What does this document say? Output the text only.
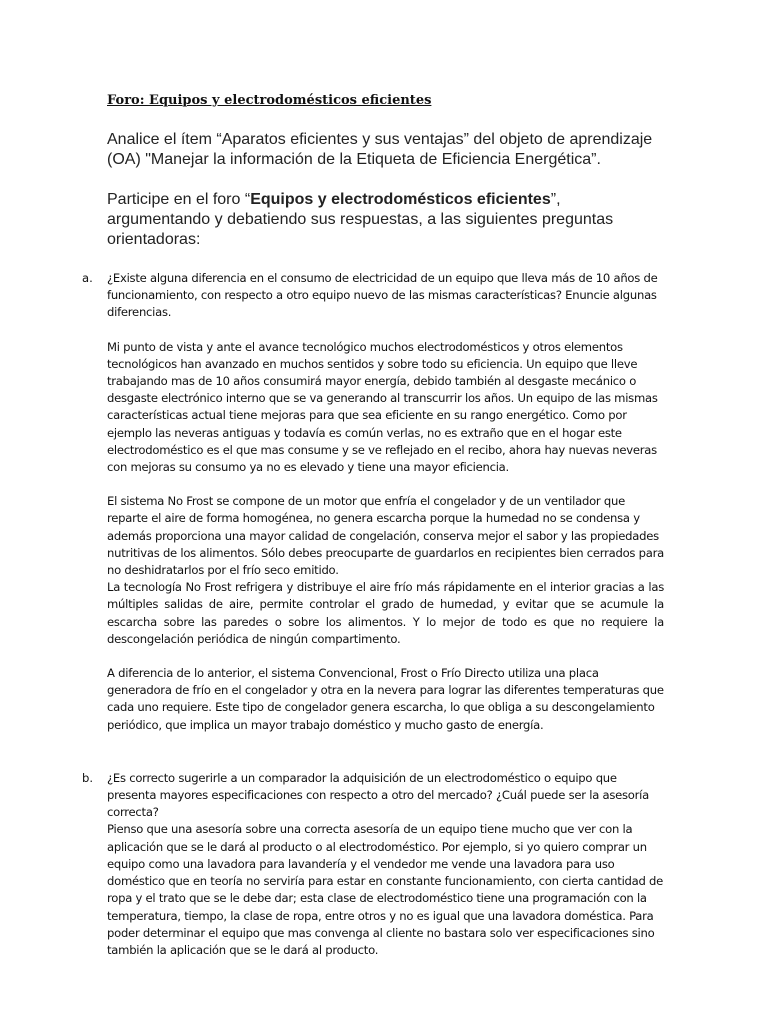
Foro: Equipos y electrodomésticos eficientes

Analice el ítem “Aparatos eficientes y sus ventajas” del objeto de aprendizaje (OA) "Manejar la información de la Etiqueta de Eficiencia Energética”.

Participe en el foro “Equipos y electrodomésticos eficientes”, argumentando y debatiendo sus respuestas, a las siguientes preguntas orientadoras:

a. ¿Existe alguna diferencia en el consumo de electricidad de un equipo que lleva más de 10 años de funcionamiento, con respecto a otro equipo nuevo de las mismas características? Enuncie algunas diferencias.

Mi punto de vista y ante el avance tecnológico muchos electrodomésticos y otros elementos tecnológicos han avanzado en muchos sentidos y sobre todo su eficiencia. Un equipo que lleve trabajando mas de 10 años consumirá mayor energía, debido también al desgaste mecánico o desgaste electrónico interno que se va generando al transcurrir los años. Un equipo de las mismas características actual tiene mejoras para que sea eficiente en su rango energético. Como por ejemplo las neveras antiguas y todavía es común verlas, no es extraño que en el hogar este electrodoméstico es el que mas consume y se ve reflejado en el recibo, ahora hay nuevas neveras con mejoras su consumo ya no es elevado y tiene una mayor eficiencia.

El sistema No Frost se compone de un motor que enfría el congelador y de un ventilador que reparte el aire de forma homogénea, no genera escarcha porque la humedad no se condensa y además proporciona una mayor calidad de congelación, conserva mejor el sabor y las propiedades nutritivas de los alimentos. Sólo debes preocuparte de guardarlos en recipientes bien cerrados para no deshidratarlos por el frío seco emitido.

La tecnología No Frost refrigera y distribuye el aire frío más rápidamente en el interior gracias a las múltiples salidas de aire, permite controlar el grado de humedad, y evitar que se acumule la escarcha sobre las paredes o sobre los alimentos. Y lo mejor de todo es que no requiere la descongelación periódica de ningún compartimento.

A diferencia de lo anterior, el sistema Convencional, Frost o Frío Directo utiliza una placa generadora de frío en el congelador y otra en la nevera para lograr las diferentes temperaturas que cada uno requiere. Este tipo de congelador genera escarcha, lo que obliga a su descongelamiento periódico, que implica un mayor trabajo doméstico y mucho gasto de energía.

b. ¿Es correcto sugerirle a un comparador la adquisición de un electrodoméstico o equipo que presenta mayores especificaciones con respecto a otro del mercado? ¿Cuál puede ser la asesoría correcta?

Pienso que una asesoría sobre una correcta asesoría de un equipo tiene mucho que ver con la aplicación que se le dará al producto o al electrodoméstico. Por ejemplo, si yo quiero comprar un equipo como una lavadora para lavandería y el vendedor me vende una lavadora para uso doméstico que en teoría no serviría para estar en constante funcionamiento, con cierta cantidad de ropa y el trato que se le debe dar; esta clase de electrodoméstico tiene una programación con la temperatura, tiempo, la clase de ropa, entre otros y no es igual que una lavadora doméstica. Para poder determinar el equipo que mas convenga al cliente no bastara solo ver especificaciones sino también la aplicación que se le dará al producto.
